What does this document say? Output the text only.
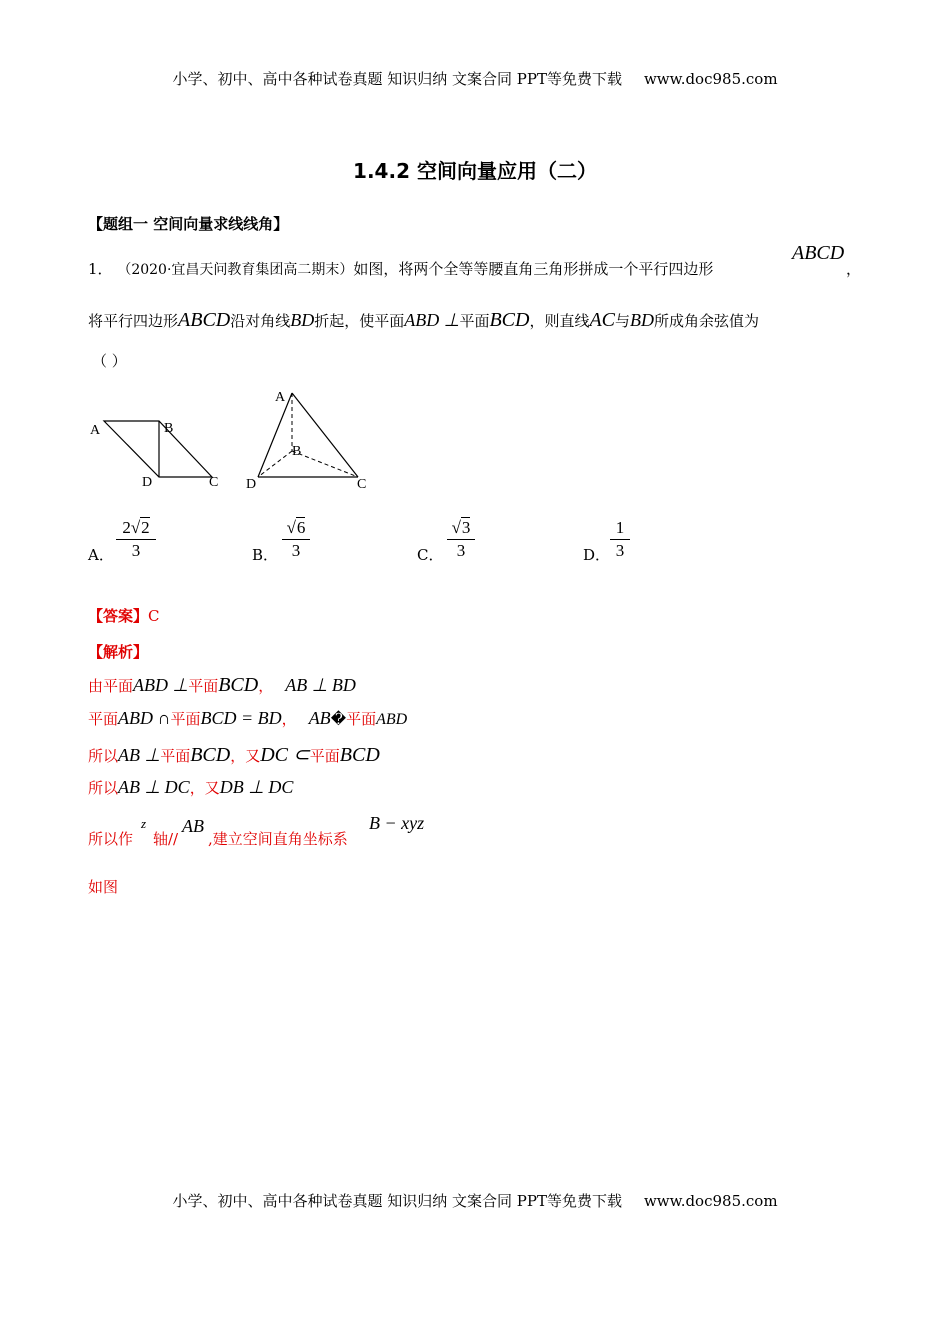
小学、初中、高中各种试卷真题 知识归纳 文案合同 PPT等免费下载 www.doc985.com
1.4.2 空间向量应用（二）
【题组一 空间向量求线线角】
1． （2020·宜昌天问教育集团高二期末）如图，将两个全等等腰直角三角形拼成一个平行四边形
ABCD
，
将平行四边形ABCD沿对角线BD折起，使平面ABD ⊥平面BCD，则直线AC与BD所成角余弦值为
（ ）
A	B
D	C
A
B
D	C
A．
2√2
3	B．
√6
3	C．
√3
3	D．
1
3
【答案】C
【解析】
由平面ABD ⊥平面BCD， AB ⊥ BD
平面ABD ∩平面BCD = BD， AB�平面ABD
所以AB ⊥平面BCD，又DC ⊂平面BCD
所以AB ⊥ DC，又DB ⊥ DC
所以作
z
轴//
AB
,建立空间直角坐标系
B − xyz
如图
小学、初中、高中各种试卷真题 知识归纳 文案合同 PPT等免费下载 www.doc985.com
